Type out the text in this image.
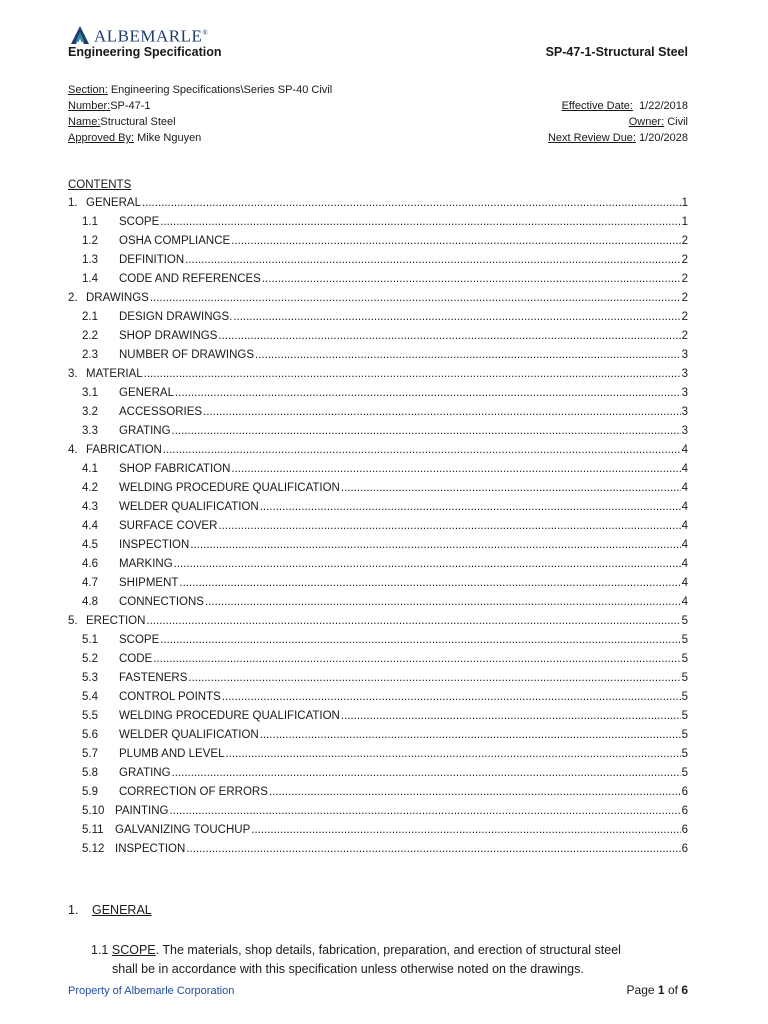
ALBEMARLE®
Engineering Specification	SP-47-1-Structural Steel
Section: Engineering Specifications\Series SP-40 Civil
Number:SP-47-1	Effective Date: 1/22/2018
Name:Structural Steel	Owner: Civil
Approved By: Mike Nguyen	Next Review Due: 1/20/2028
CONTENTS
1. GENERAL .....	1
1.1	SCOPE .....	1
1.2	OSHA COMPLIANCE .....	2
1.3	DEFINITION .....	2
1.4	CODE AND REFERENCES .....	2
2. DRAWINGS .....	2
2.1	DESIGN DRAWINGS. .....	2
2.2	SHOP DRAWINGS .....	2
2.3	NUMBER OF DRAWINGS .....	3
3. MATERIAL .....	3
3.1	GENERAL .....	3
3.2	ACCESSORIES .....	3
3.3	GRATING .....	3
4. FABRICATION .....	4
4.1	SHOP FABRICATION .....	4
4.2	WELDING PROCEDURE QUALIFICATION .....	4
4.3	WELDER QUALIFICATION .....	4
4.4	SURFACE COVER .....	4
4.5	INSPECTION .....	4
4.6	MARKING .....	4
4.7	SHIPMENT .....	4
4.8	CONNECTIONS .....	4
5. ERECTION .....	5
5.1	SCOPE .....	5
5.2	CODE .....	5
5.3	FASTENERS .....	5
5.4	CONTROL POINTS .....	5
5.5	WELDING PROCEDURE QUALIFICATION .....	5
5.6	WELDER QUALIFICATION .....	5
5.7	PLUMB AND LEVEL .....	5
5.8	GRATING .....	5
5.9	CORRECTION OF ERRORS .....	6
5.10 PAINTING .....	6
5.11 GALVANIZING TOUCHUP .....	6
5.12 INSPECTION .....	6
1. GENERAL
1.1 SCOPE. The materials, shop details, fabrication, preparation, and erection of structural steel
shall be in accordance with this specification unless otherwise noted on the drawings.
Property of Albemarle Corporation	Page 1 of 6
